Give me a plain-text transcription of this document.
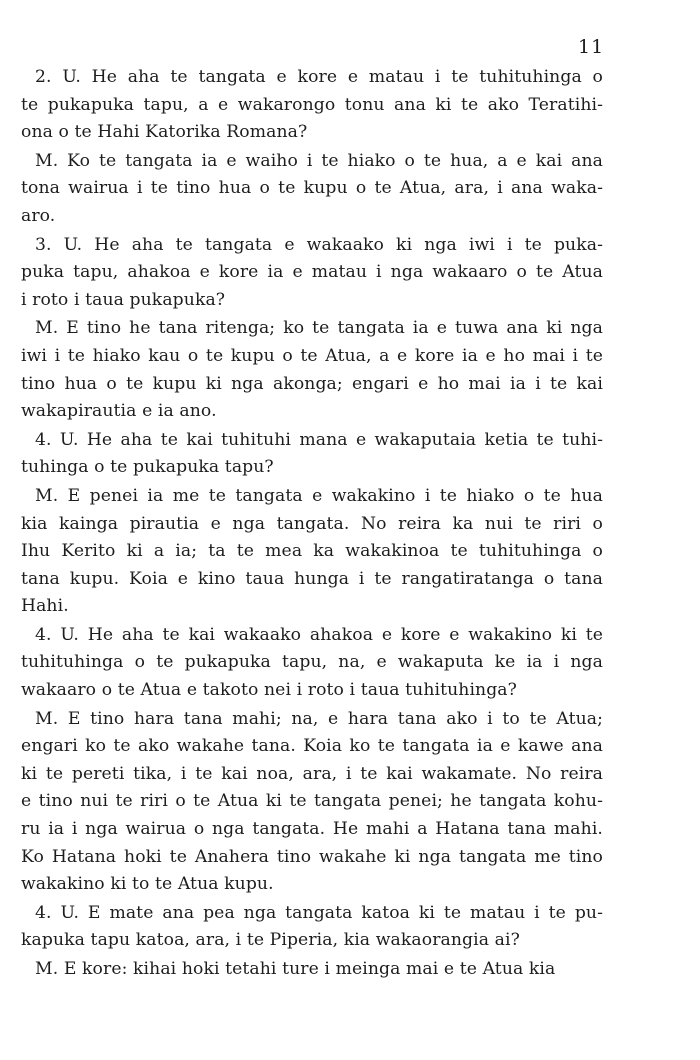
11

2. U. He aha te tangata e kore e matau i te tuhituhinga o
te pukapuka tapu, a e wakarongo tonu ana ki te ako Teratihi-
ona o te Hahi Katorika Romana?

M. Ko te tangata ia e waiho i te hiako o te hua, a e kai ana
tona wairua i te tino hua o te kupu o te Atua, ara, i ana waka-
aro.

3. U. He aha te tangata e wakaako ki nga iwi i te puka-
puka tapu, ahakoa e kore ia e matau i nga wakaaro o te Atua
i roto i taua pukapuka?

M. E tino he tana ritenga; ko te tangata ia e tuwa ana ki nga
iwi i te hiako kau o te kupu o te Atua, a e kore ia e ho mai i te
tino hua o te kupu ki nga akonga; engari e ho mai ia i te kai
wakapirautia e ia ano.

4. U. He aha te kai tuhituhi mana e wakaputaia ketia te tuhi-
tuhinga o te pukapuka tapu?

M. E penei ia me te tangata e wakakino i te hiako o te hua
kia kainga pirautia e nga tangata. No reira ka nui te riri o
Ihu Kerito ki a ia; ta te mea ka wakakinoa te tuhituhinga o
tana kupu. Koia e kino taua hunga i te rangatiratanga o tana
Hahi.

4. U. He aha te kai wakaako ahakoa e kore e wakakino ki te
tuhituhinga o te pukapuka tapu, na, e wakaputa ke ia i nga
wakaaro o te Atua e takoto nei i roto i taua tuhituhinga?

M. E tino hara tana mahi; na, e hara tana ako i to te Atua;
engari ko te ako wakahe tana. Koia ko te tangata ia e kawe ana
ki te pereti tika, i te kai noa, ara, i te kai wakamate. No reira
e tino nui te riri o te Atua ki te tangata penei; he tangata kohu-
ru ia i nga wairua o nga tangata. He mahi a Hatana tana mahi.
Ko Hatana hoki te Anahera tino wakahe ki nga tangata me tino
wakakino ki to te Atua kupu.

4. U. E mate ana pea nga tangata katoa ki te matau i te pu-
kapuka tapu katoa, ara, i te Piperia, kia wakaorangia ai?

M. E kore: kihai hoki tetahi ture i meinga mai e te Atua kia
